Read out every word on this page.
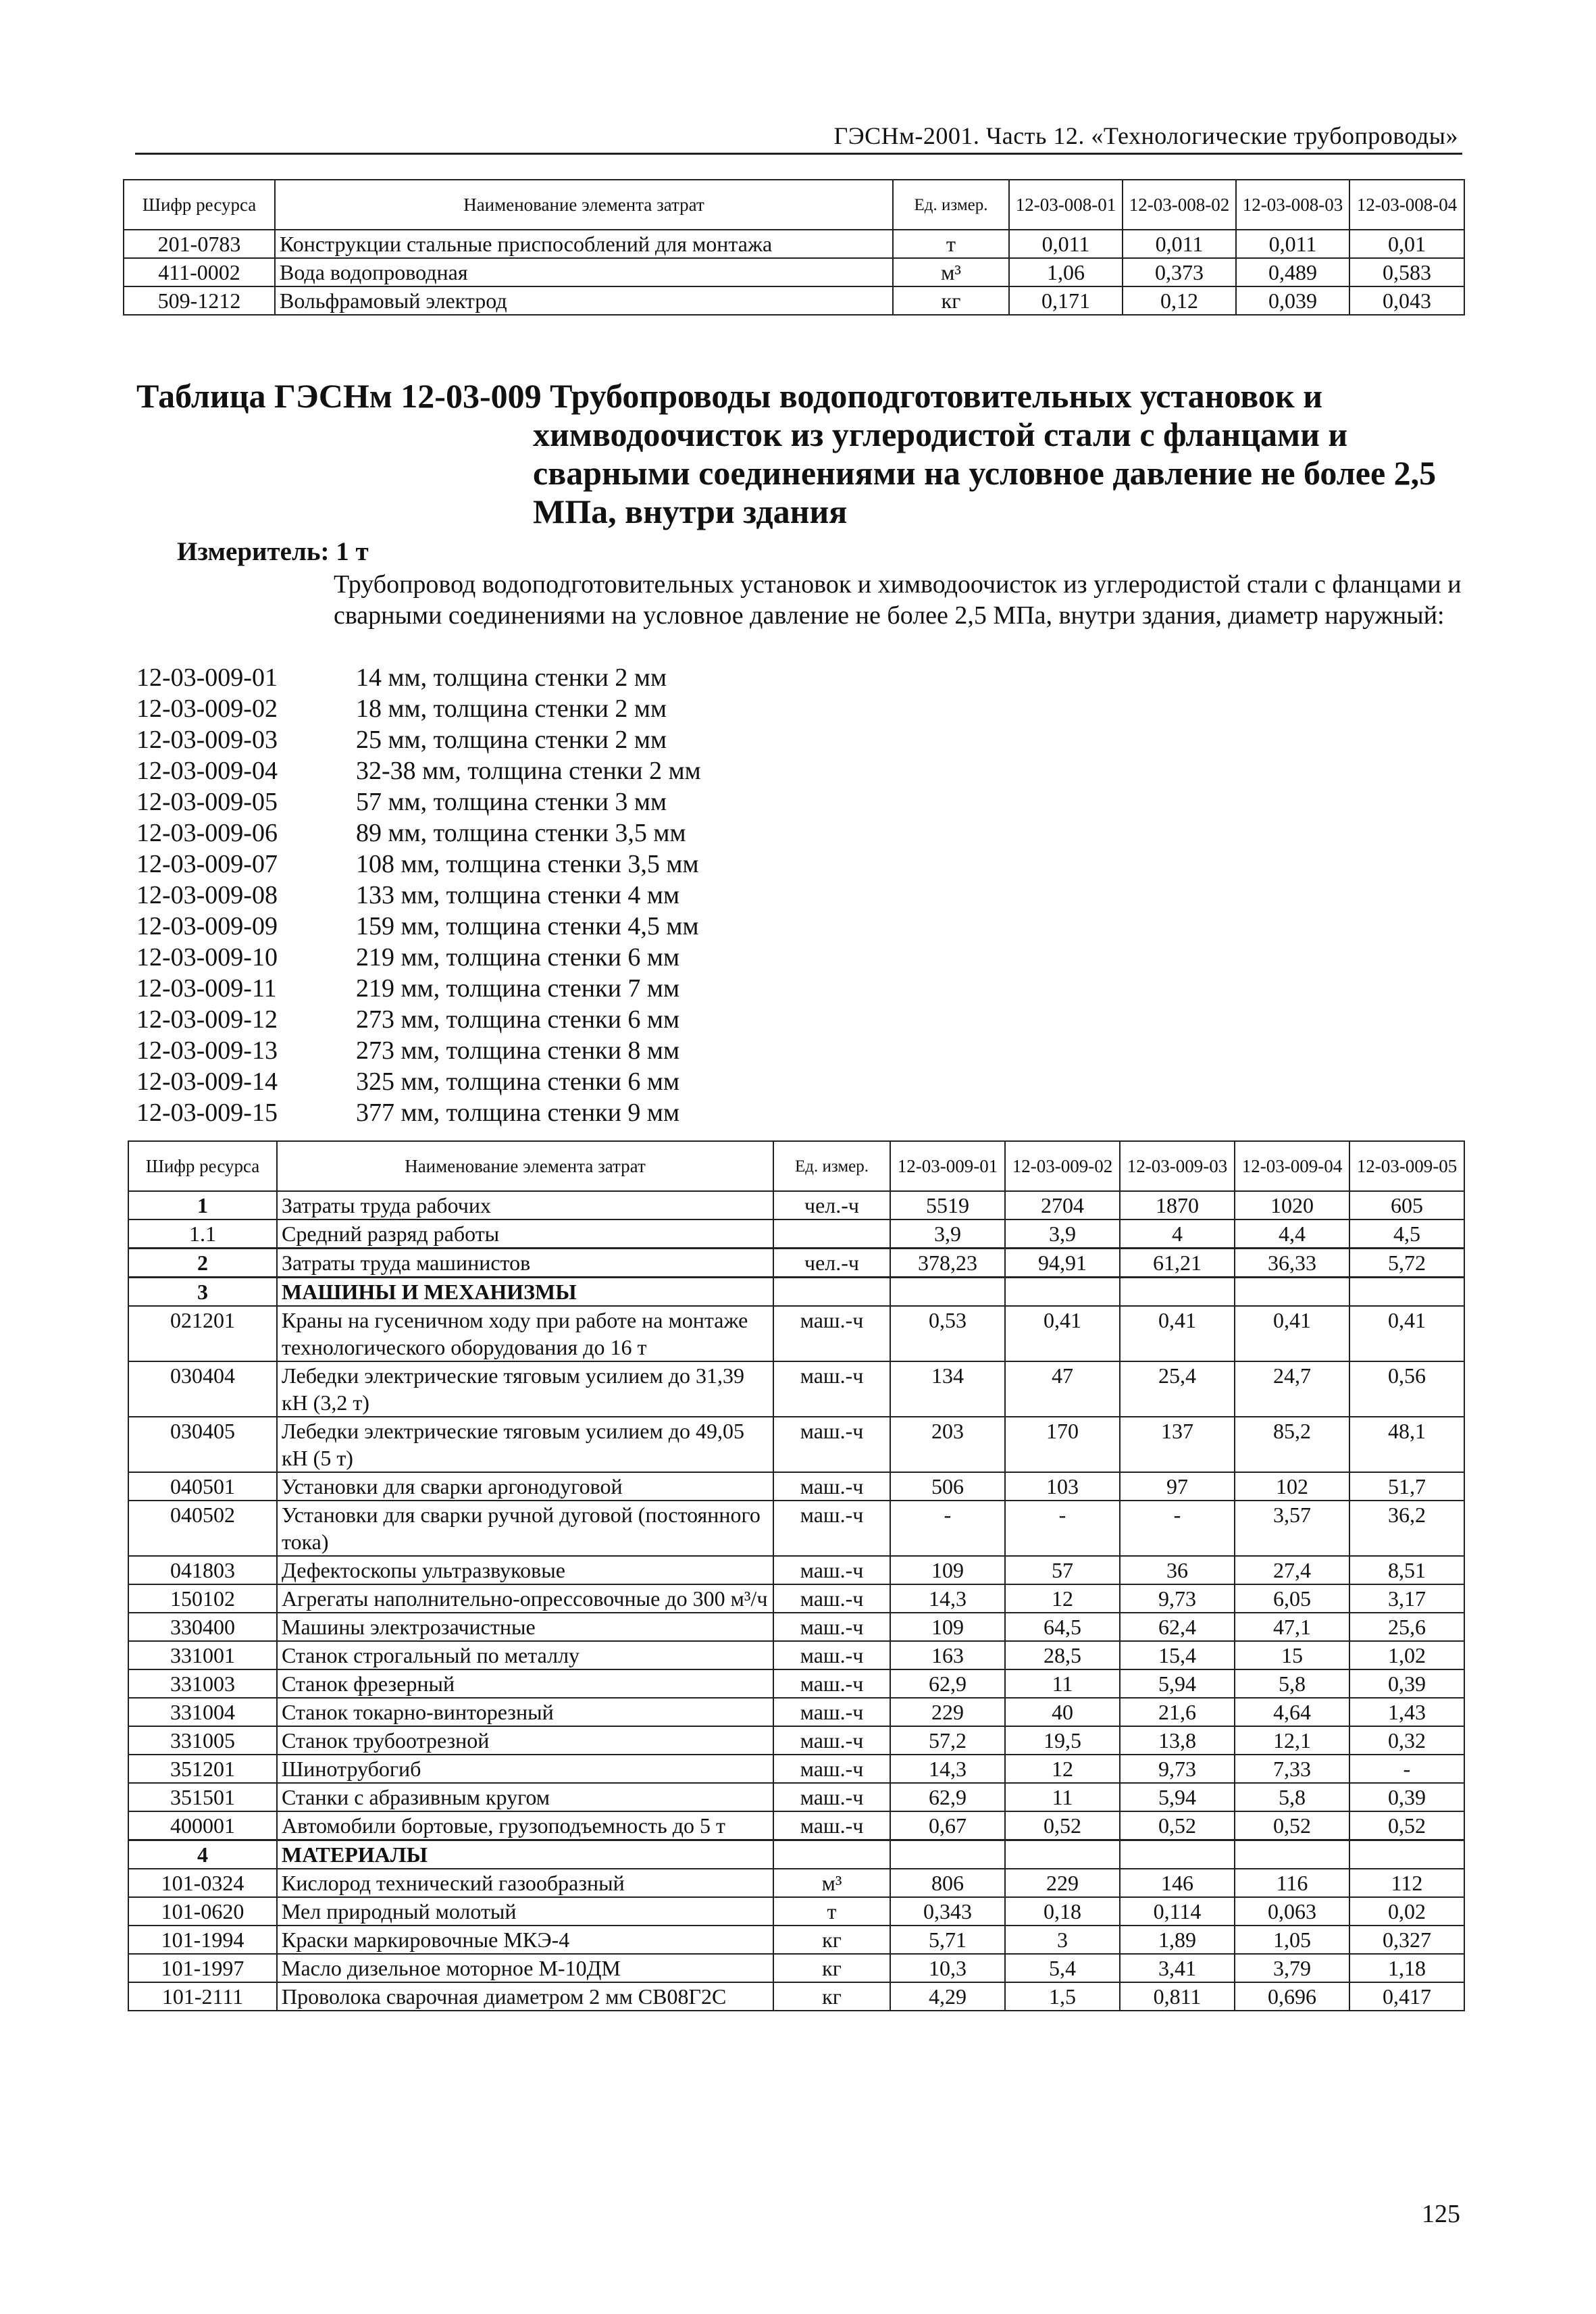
ГЭСНм-2001. Часть 12. «Технологические трубопроводы»
Шифр ресурса	Наименование элемента затрат	Ед. измер.	12-03-008-01	12-03-008-02	12-03-008-03	12-03-008-04
201-0783	Конструкции стальные приспособлений для монтажа	т	0,011	0,011	0,011	0,01
411-0002	Вода водопроводная	м³	1,06	0,373	0,489	0,583
509-1212	Вольфрамовый электрод	кг	0,171	0,12	0,039	0,043
Таблица ГЭСНм 12-03-009 Трубопроводы водоподготовительных установок и
химводоочисток из углеродистой стали с фланцами и сварными соединениями на условное давление не более 2,5 МПа, внутри здания
Измеритель: 1 т
Трубопровод водоподготовительных установок и химводоочисток из углеродистой стали с фланцами и сварными соединениями на условное давление не более 2,5 МПа, внутри здания, диаметр наружный:
12-03-009-01	14 мм, толщина стенки 2 мм
12-03-009-02	18 мм, толщина стенки 2 мм
12-03-009-03	25 мм, толщина стенки 2 мм
12-03-009-04	32-38 мм, толщина стенки 2 мм
12-03-009-05	57 мм, толщина стенки 3 мм
12-03-009-06	89 мм, толщина стенки 3,5 мм
12-03-009-07	108 мм, толщина стенки 3,5 мм
12-03-009-08	133 мм, толщина стенки 4 мм
12-03-009-09	159 мм, толщина стенки 4,5 мм
12-03-009-10	219 мм, толщина стенки 6 мм
12-03-009-11	219 мм, толщина стенки 7 мм
12-03-009-12	273 мм, толщина стенки 6 мм
12-03-009-13	273 мм, толщина стенки 8 мм
12-03-009-14	325 мм, толщина стенки 6 мм
12-03-009-15	377 мм, толщина стенки 9 мм
Шифр ресурса	Наименование элемента затрат	Ед. измер.	12-03-009-01	12-03-009-02	12-03-009-03	12-03-009-04	12-03-009-05
1	Затраты труда рабочих	чел.-ч	5519	2704	1870	1020	605
1.1	Средний разряд работы		3,9	3,9	4	4,4	4,5
2	Затраты труда машинистов	чел.-ч	378,23	94,91	61,21	36,33	5,72
3	МАШИНЫ И МЕХАНИЗМЫ						
021201	Краны на гусеничном ходу при работе на монтаже технологического оборудования до 16 т	маш.-ч	0,53	0,41	0,41	0,41	0,41
030404	Лебедки электрические тяговым усилием до 31,39 кН (3,2 т)	маш.-ч	134	47	25,4	24,7	0,56
030405	Лебедки электрические тяговым усилием до 49,05 кН (5 т)	маш.-ч	203	170	137	85,2	48,1
040501	Установки для сварки аргонодуговой	маш.-ч	506	103	97	102	51,7
040502	Установки для сварки ручной дуговой (постоянного тока)	маш.-ч	-	-	-	3,57	36,2
041803	Дефектоскопы ультразвуковые	маш.-ч	109	57	36	27,4	8,51
150102	Агрегаты наполнительно-опрессовочные до 300 м³/ч	маш.-ч	14,3	12	9,73	6,05	3,17
330400	Машины электрозачистные	маш.-ч	109	64,5	62,4	47,1	25,6
331001	Станок строгальный по металлу	маш.-ч	163	28,5	15,4	15	1,02
331003	Станок фрезерный	маш.-ч	62,9	11	5,94	5,8	0,39
331004	Станок токарно-винторезный	маш.-ч	229	40	21,6	4,64	1,43
331005	Станок трубоотрезной	маш.-ч	57,2	19,5	13,8	12,1	0,32
351201	Шинотрубогиб	маш.-ч	14,3	12	9,73	7,33	-
351501	Станки с абразивным кругом	маш.-ч	62,9	11	5,94	5,8	0,39
400001	Автомобили бортовые, грузоподъемность до 5 т	маш.-ч	0,67	0,52	0,52	0,52	0,52
4	МАТЕРИАЛЫ						
101-0324	Кислород технический газообразный	м³	806	229	146	116	112
101-0620	Мел природный молотый	т	0,343	0,18	0,114	0,063	0,02
101-1994	Краски маркировочные МКЭ-4	кг	5,71	3	1,89	1,05	0,327
101-1997	Масло дизельное моторное М-10ДМ	кг	10,3	5,4	3,41	3,79	1,18
101-2111	Проволока сварочная диаметром 2 мм СВ08Г2С	кг	4,29	1,5	0,811	0,696	0,417
125
